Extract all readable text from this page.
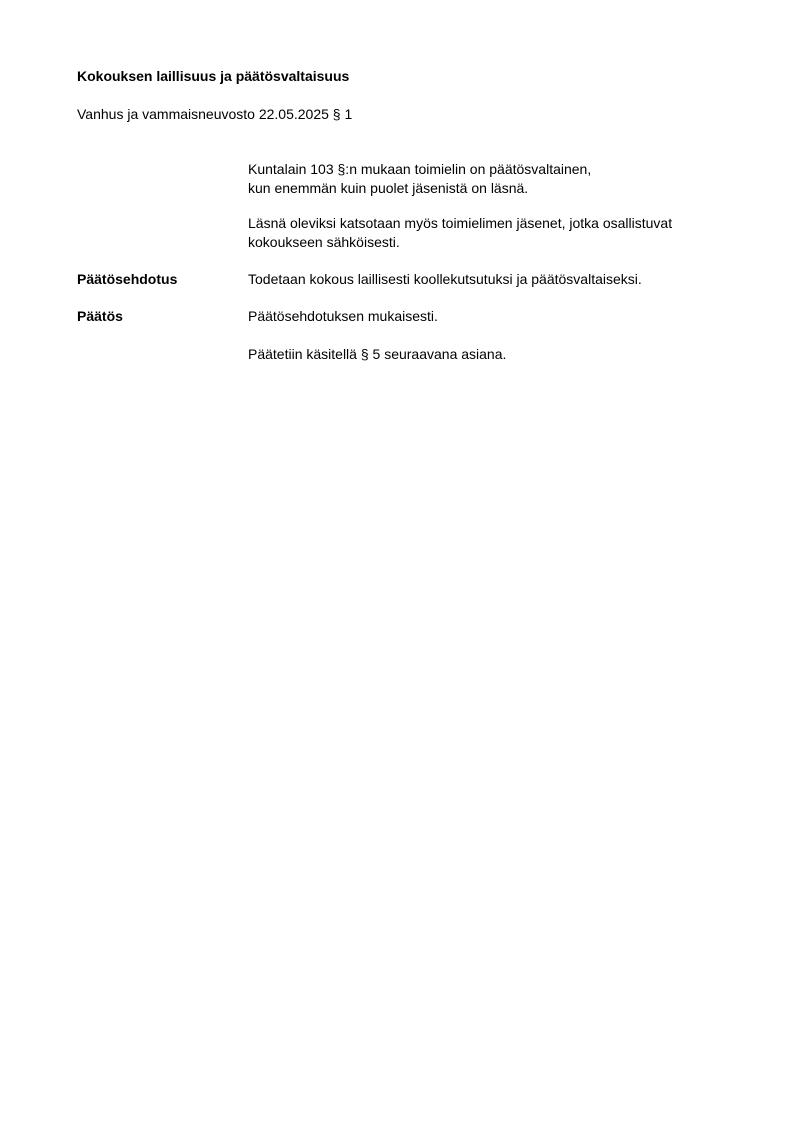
Kokouksen laillisuus ja päätösvaltaisuus
Vanhus ja vammaisneuvosto 22.05.2025 § 1

Kuntalain 103 §:n mukaan toimielin on päätösvaltainen,

kun enemmän kuin puolet jäsenistä on läsnä.

Läsnä oleviksi katsotaan myös toimielimen jäsenet, jotka osallistuvat

kokoukseen sähköisesti.

Päätösehdotus	Todetaan kokous laillisesti koollekutsutuksi ja päätösvaltaiseksi.

Päätös	Päätösehdotuksen mukaisesti.

Päätetiin käsitellä § 5 seuraavana asiana.
